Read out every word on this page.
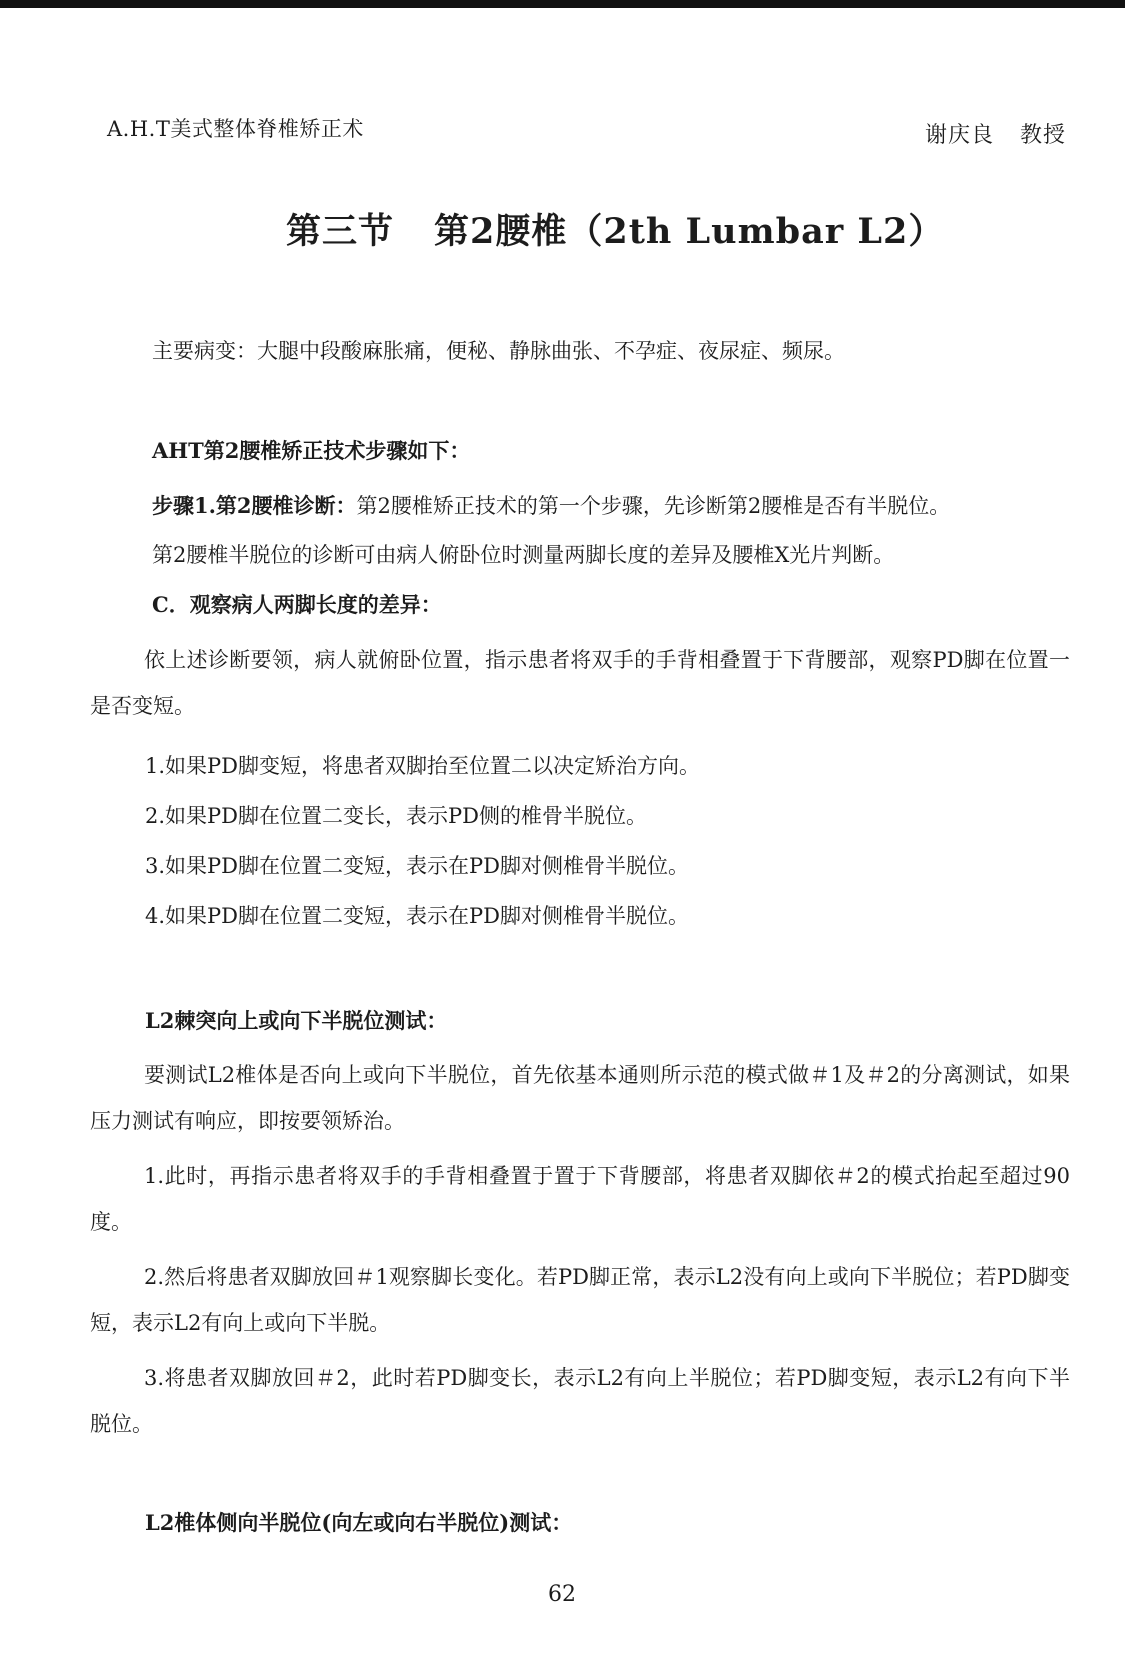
A.H.T美式整体脊椎矫正术	谢庆良 教授
第三节 第2腰椎（2th Lumbar L2）
主要病变：大腿中段酸麻胀痛，便秘、静脉曲张、不孕症、夜尿症、频尿。
AHT第2腰椎矫正技术步骤如下：
步骤1.第2腰椎诊断：第2腰椎矫正技术的第一个步骤，先诊断第2腰椎是否有半脱位。
第2腰椎半脱位的诊断可由病人俯卧位时测量两脚长度的差异及腰椎X光片判断。
C．观察病人两脚长度的差异：
依上述诊断要领，病人就俯卧位置，指示患者将双手的手背相叠置于下背腰部，观察PD脚在位置一是否变短。
1.如果PD脚变短，将患者双脚抬至位置二以决定矫治方向。
2.如果PD脚在位置二变长，表示PD侧的椎骨半脱位。
3.如果PD脚在位置二变短，表示在PD脚对侧椎骨半脱位。
4.如果PD脚在位置二变短，表示在PD脚对侧椎骨半脱位。
L2棘突向上或向下半脱位测试：
要测试L2椎体是否向上或向下半脱位，首先依基本通则所示范的模式做＃1及＃2的分离测试，如果压力测试有响应，即按要领矫治。
1.此时，再指示患者将双手的手背相叠置于置于下背腰部，将患者双脚依＃2的模式抬起至超过90度。
2.然后将患者双脚放回＃1观察脚长变化。若PD脚正常，表示L2没有向上或向下半脱位；若PD脚变短，表示L2有向上或向下半脱。
3.将患者双脚放回＃2，此时若PD脚变长，表示L2有向上半脱位；若PD脚变短，表示L2有向下半脱位。
L2椎体侧向半脱位(向左或向右半脱位)测试：
62
